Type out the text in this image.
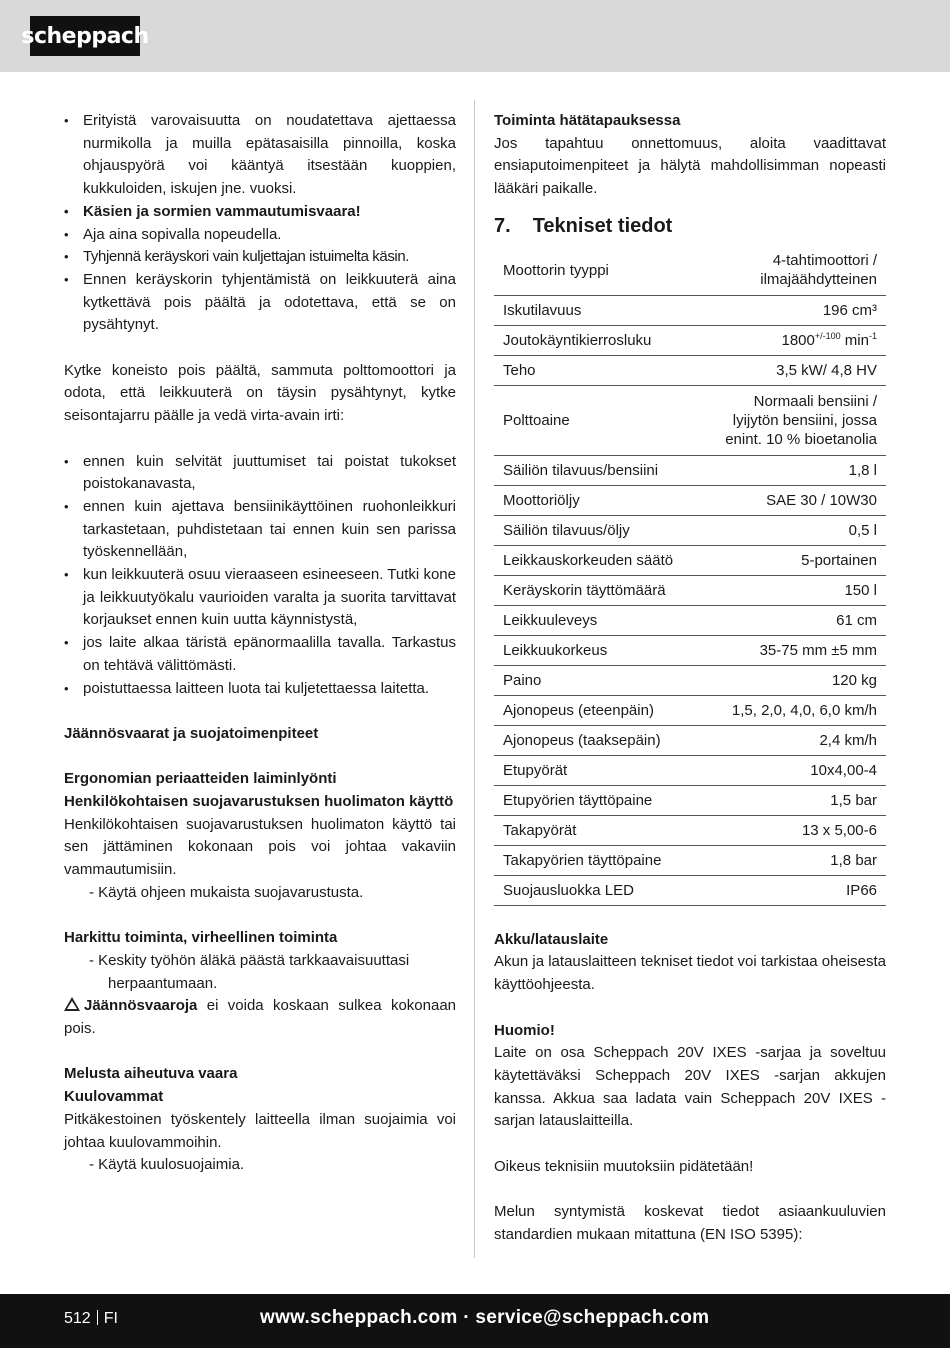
scheppach
• Erityistä varovaisuutta on noudatettava ajettaessa nurmikolla ja muilla epätasaisilla pinnoilla, koska ohjauspyörä voi kääntyä itsestään kuoppien, kukkuloiden, iskujen jne. vuoksi.
• Käsien ja sormien vammautumisvaara!
• Aja aina sopivalla nopeudella.
• Tyhjennä keräyskori vain kuljettajan istuimelta käsin.
• Ennen keräyskorin tyhjentämistä on leikkuuterä aina kytkettävä pois päältä ja odotettava, että se on pysähtynyt.

Kytke koneisto pois päältä, sammuta polttomoottori ja odota, että leikkuuterä on täysin pysähtynyt, kytke seisontajarru päälle ja vedä virta-avain irti:

• ennen kuin selvität juuttumiset tai poistat tukokset poistokanavasta,
• ennen kuin ajettava bensiinikäyttöinen ruohonleikkuri tarkastetaan, puhdistetaan tai ennen kuin sen parissa työskennellään,
• kun leikkuuterä osuu vieraaseen esineeseen. Tutki kone ja leikkuutyökalu vaurioiden varalta ja suorita tarvittavat korjaukset ennen kuin uutta käynnistystä,
• jos laite alkaa täristä epänormaalilla tavalla. Tarkastus on tehtävä välittömästi.
• poistuttaessa laitteen luota tai kuljetettaessa laitetta.

Jäännösvaarat ja suojatoimenpiteet

Ergonomian periaatteiden laiminlyönti

Henkilökohtaisen suojavarustuksen huolimaton käyttö

Henkilökohtaisen suojavarustuksen huolimaton käyttö tai sen jättäminen kokonaan pois voi johtaa vakaviin vammautumisiin.

- Käytä ohjeen mukaista suojavarustusta.

Harkittu toiminta, virheellinen toiminta

- Keskity työhön äläkä päästä tarkkaavaisuuttasi

herpaantumaan.

Jäännösvaaroja ei voida koskaan sulkea kokonaan pois.

Melusta aiheutuva vaara

Kuulovammat

Pitkäkestoinen työskentely laitteella ilman suojaimia voi johtaa kuulovammoihin.

- Käytä kuulosuojaimia.

Toiminta hätätapauksessa

Jos tapahtuu onnettomuus, aloita vaadittavat ensiaputoimenpiteet ja hälytä mahdollisimman nopeasti lääkäri paikalle.

7. Tekniset tiedot
Moottorin tyyppi	4-tahtimoottori / ilmajäähdytteinen
Iskutilavuus	196 cm³
Joutokäyntikierrosluku	$1800^{+/-100}$ $\min^{-1}$
Teho	3,5 kW/ 4,8 HV
Polttoaine	Normaali bensiini / lyijytön bensiini, jossa enint. 10 % bioetanolia
Säiliön tilavuus/bensiini	1,8 l
Moottoriöljy	SAE 30 / 10W30
Säiliön tilavuus/öljy	0,5 l
Leikkauskorkeuden säätö	5-portainen
Keräyskorin täyttömäärä	150 l
Leikkuuleveys	61 cm
Leikkuukorkeus	35-75 mm ±5 mm
Paino	120 kg
Ajonopeus (eteenpäin)	1,5, 2,0, 4,0, 6,0 km/h
Ajonopeus (taaksepäin)	2,4 km/h
Etupyörät	10x4,00-4
Etupyörien täyttöpaine	1,5 bar
Takapyörät	13 x 5,00-6
Takapyörien täyttöpaine	1,8 bar
Suojausluokka LED	IP66

Akku/latauslaite

Akun ja latauslaitteen tekniset tiedot voi tarkistaa oheisesta käyttöohjeesta.

Huomio!

Laite on osa Scheppach 20V IXES -sarjaa ja soveltuu käytettäväksi Scheppach 20V IXES -sarjan akkujen kanssa. Akkua saa ladata vain Scheppach 20V IXES -sarjan latauslaitteilla.

Oikeus teknisiin muutoksiin pidätetään!

Melun syntymistä koskevat tiedot asiaankuuluvien standardien mukaan mitattuna (EN ISO 5395):

512 FI	www.scheppach.com · service@scheppach.com
